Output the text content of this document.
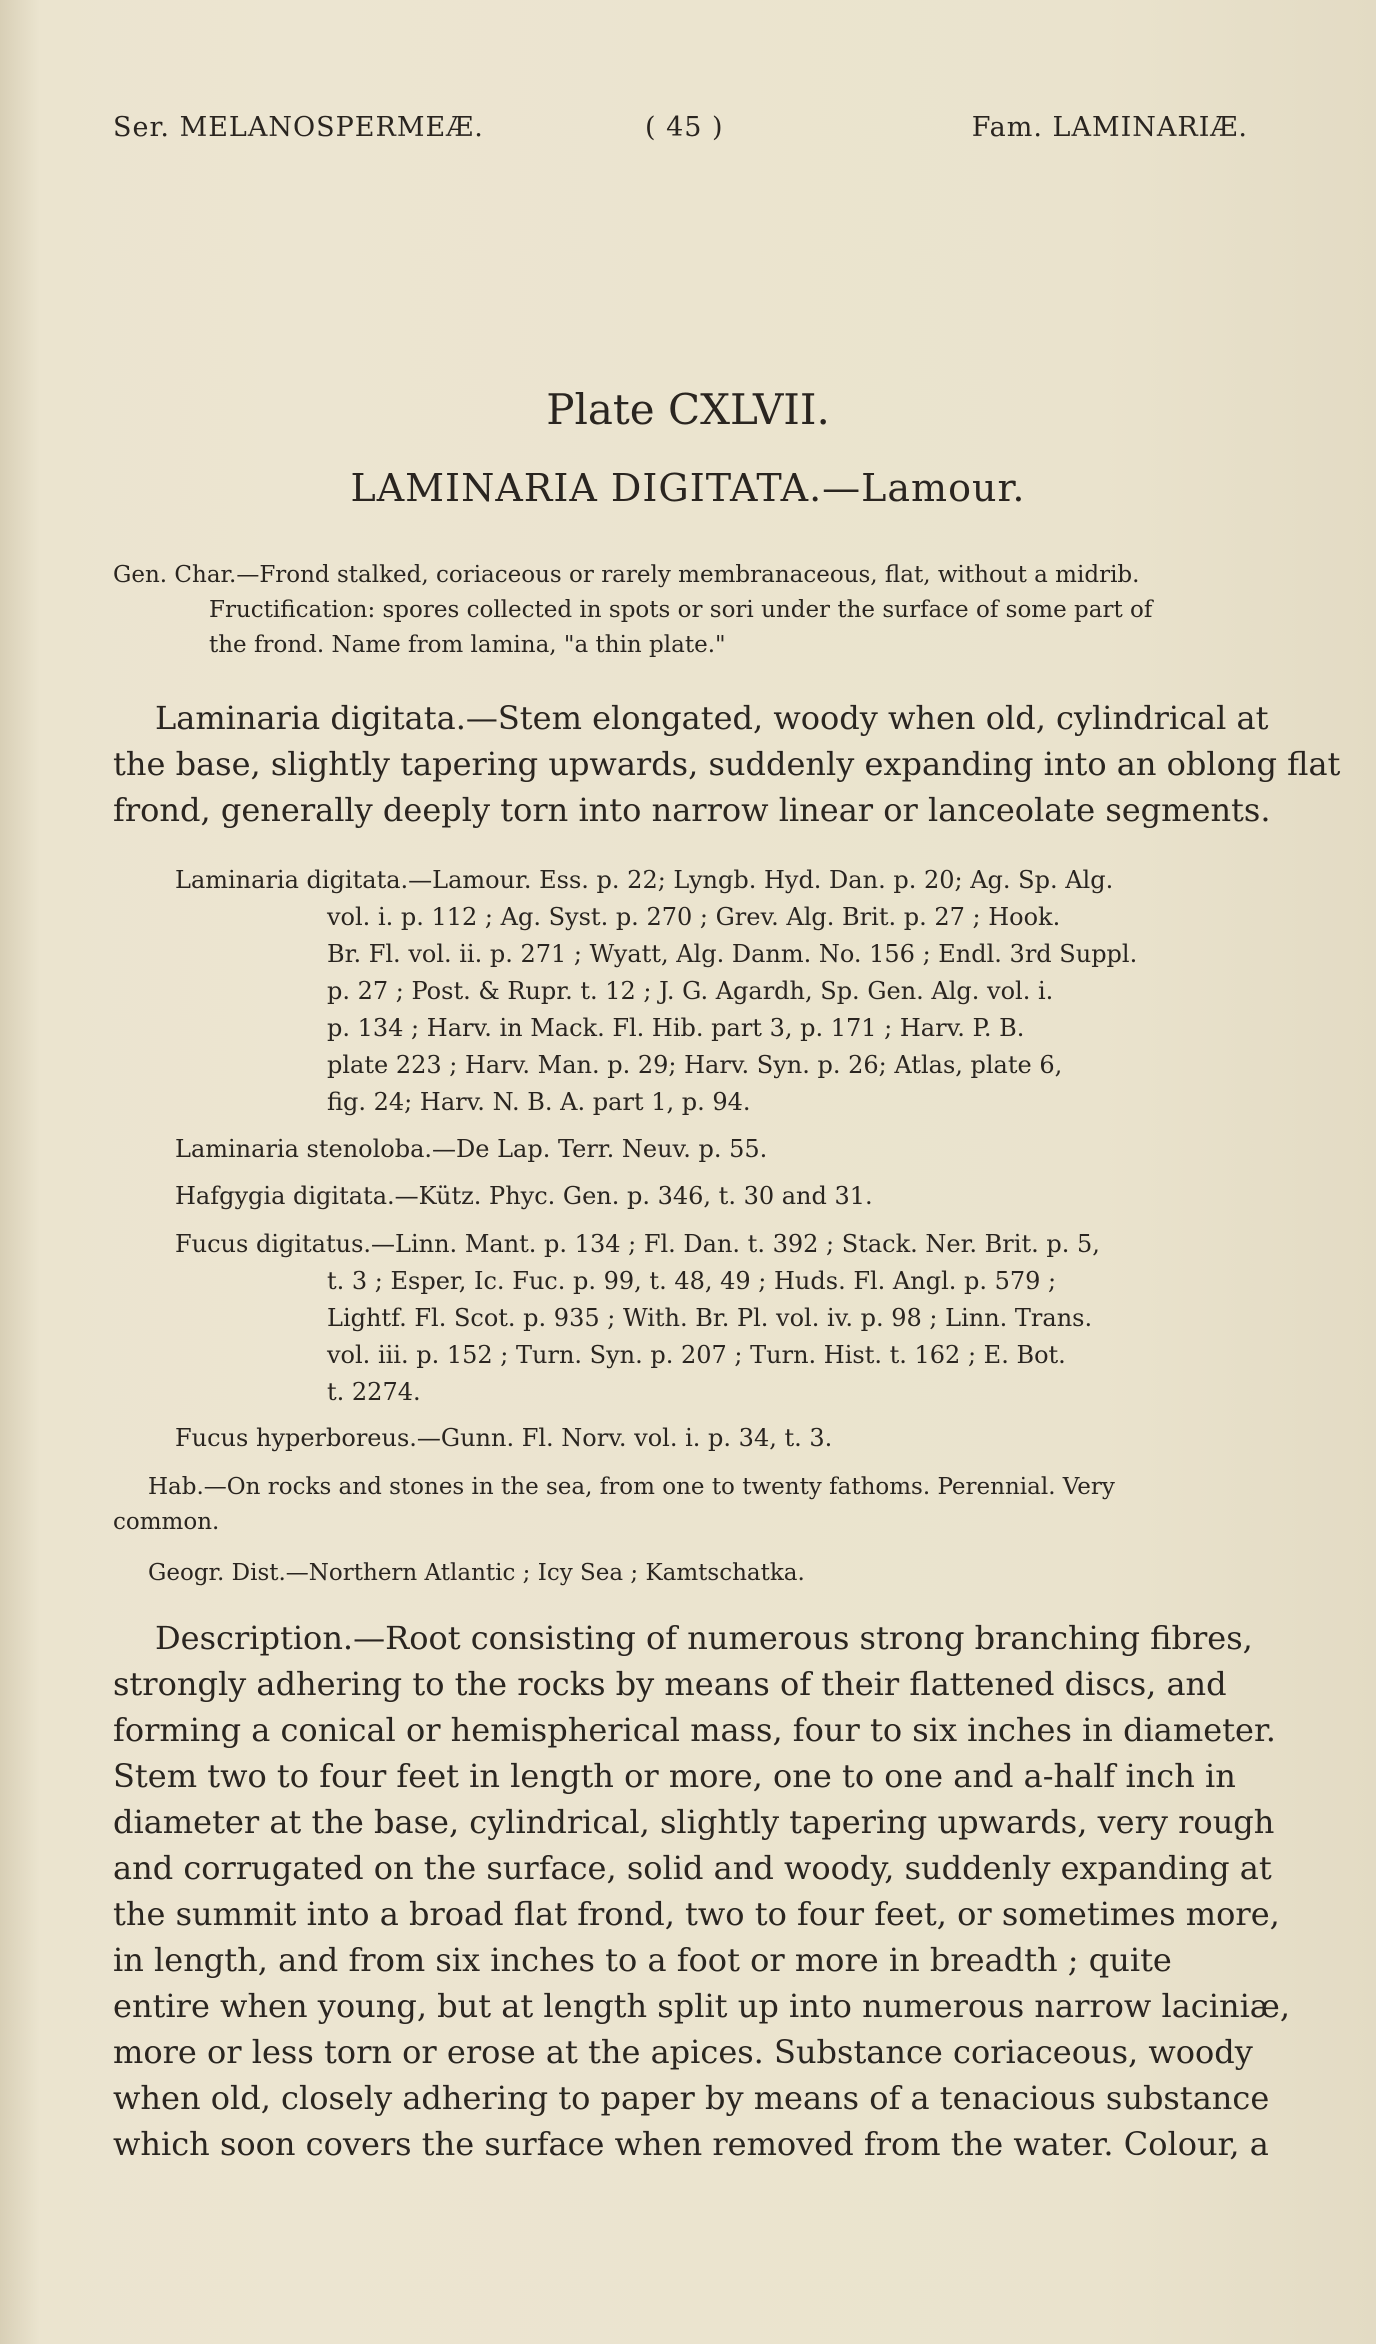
Ser. MELANOSPERMEÆ.	( 45 )	Fam. LAMINARIÆ.
Plate CXLVII.
LAMINARIA DIGITATA.—Lamour.
Gen. Char.—Frond stalked, coriaceous or rarely membranaceous, flat, without a midrib.
Fructification: spores collected in spots or sori under the surface of some part of
the frond. Name from lamina, "a thin plate."
Laminaria digitata.—Stem elongated, woody when old, cylindrical at
the base, slightly tapering upwards, suddenly expanding into an oblong flat
frond, generally deeply torn into narrow linear or lanceolate segments.
Laminaria digitata.—Lamour. Ess. p. 22; Lyngb. Hyd. Dan. p. 20; Ag. Sp. Alg.
vol. i. p. 112 ; Ag. Syst. p. 270 ; Grev. Alg. Brit. p. 27 ; Hook.
Br. Fl. vol. ii. p. 271 ; Wyatt, Alg. Danm. No. 156 ; Endl. 3rd Suppl.
p. 27 ; Post. & Rupr. t. 12 ; J. G. Agardh, Sp. Gen. Alg. vol. i.
p. 134 ; Harv. in Mack. Fl. Hib. part 3, p. 171 ; Harv. P. B.
plate 223 ; Harv. Man. p. 29; Harv. Syn. p. 26; Atlas, plate 6,
fig. 24; Harv. N. B. A. part 1, p. 94.
Laminaria stenoloba.—De Lap. Terr. Neuv. p. 55.
Hafgygia digitata.—Kütz. Phyc. Gen. p. 346, t. 30 and 31.
Fucus digitatus.—Linn. Mant. p. 134 ; Fl. Dan. t. 392 ; Stack. Ner. Brit. p. 5,
t. 3 ; Esper, Ic. Fuc. p. 99, t. 48, 49 ; Huds. Fl. Angl. p. 579 ;
Lightf. Fl. Scot. p. 935 ; With. Br. Pl. vol. iv. p. 98 ; Linn. Trans.
vol. iii. p. 152 ; Turn. Syn. p. 207 ; Turn. Hist. t. 162 ; E. Bot.
t. 2274.
Fucus hyperboreus.—Gunn. Fl. Norv. vol. i. p. 34, t. 3.
Hab.—On rocks and stones in the sea, from one to twenty fathoms. Perennial. Very
common.
Geogr. Dist.—Northern Atlantic ; Icy Sea ; Kamtschatka.
Description.—Root consisting of numerous strong branching fibres,
strongly adhering to the rocks by means of their flattened discs, and
forming a conical or hemispherical mass, four to six inches in diameter.
Stem two to four feet in length or more, one to one and a-half inch in
diameter at the base, cylindrical, slightly tapering upwards, very rough
and corrugated on the surface, solid and woody, suddenly expanding at
the summit into a broad flat frond, two to four feet, or sometimes more,
in length, and from six inches to a foot or more in breadth ; quite
entire when young, but at length split up into numerous narrow laciniæ,
more or less torn or erose at the apices. Substance coriaceous, woody
when old, closely adhering to paper by means of a tenacious substance
which soon covers the surface when removed from the water. Colour, a
